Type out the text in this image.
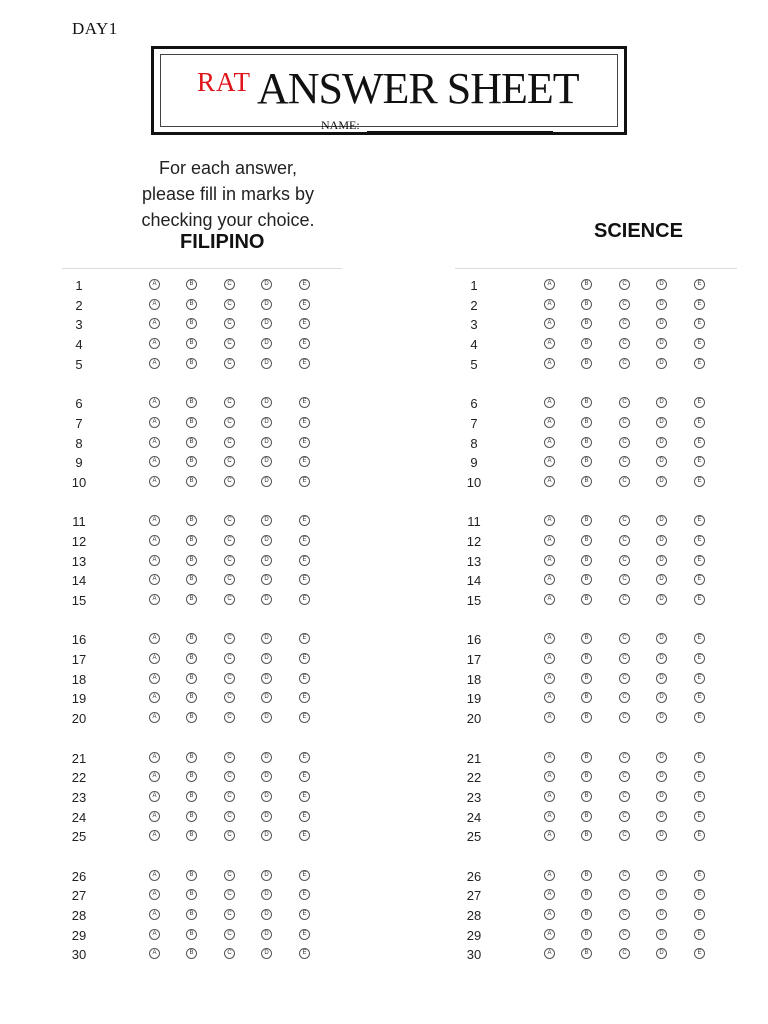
DAY1
RAT ANSWER SHEET
NAME:
For each answer, please fill in marks by checking your choice.
FILIPINO	SCIENCE
1	A	B	C	D	E
2	A	B	C	D	E
3	A	B	C	D	E
4	A	B	C	D	E
5	A	B	C	D	E
6	A	B	C	D	E
7	A	B	C	D	E
8	A	B	C	D	E
9	A	B	C	D	E
10	A	B	C	D	E
11	A	B	C	D	E
12	A	B	C	D	E
13	A	B	C	D	E
14	A	B	C	D	E
15	A	B	C	D	E
16	A	B	C	D	E
17	A	B	C	D	E
18	A	B	C	D	E
19	A	B	C	D	E
20	A	B	C	D	E
21	A	B	C	D	E
22	A	B	C	D	E
23	A	B	C	D	E
24	A	B	C	D	E
25	A	B	C	D	E
26	A	B	C	D	E
27	A	B	C	D	E
28	A	B	C	D	E
29	A	B	C	D	E
30	A	B	C	D	E
1	A	B	C	D	E
2	A	B	C	D	E
3	A	B	C	D	E
4	A	B	C	D	E
5	A	B	C	D	E
6	A	B	C	D	E
7	A	B	C	D	E
8	A	B	C	D	E
9	A	B	C	D	E
10	A	B	C	D	E
11	A	B	C	D	E
12	A	B	C	D	E
13	A	B	C	D	E
14	A	B	C	D	E
15	A	B	C	D	E
16	A	B	C	D	E
17	A	B	C	D	E
18	A	B	C	D	E
19	A	B	C	D	E
20	A	B	C	D	E
21	A	B	C	D	E
22	A	B	C	D	E
23	A	B	C	D	E
24	A	B	C	D	E
25	A	B	C	D	E
26	A	B	C	D	E
27	A	B	C	D	E
28	A	B	C	D	E
29	A	B	C	D	E
30	A	B	C	D	E
